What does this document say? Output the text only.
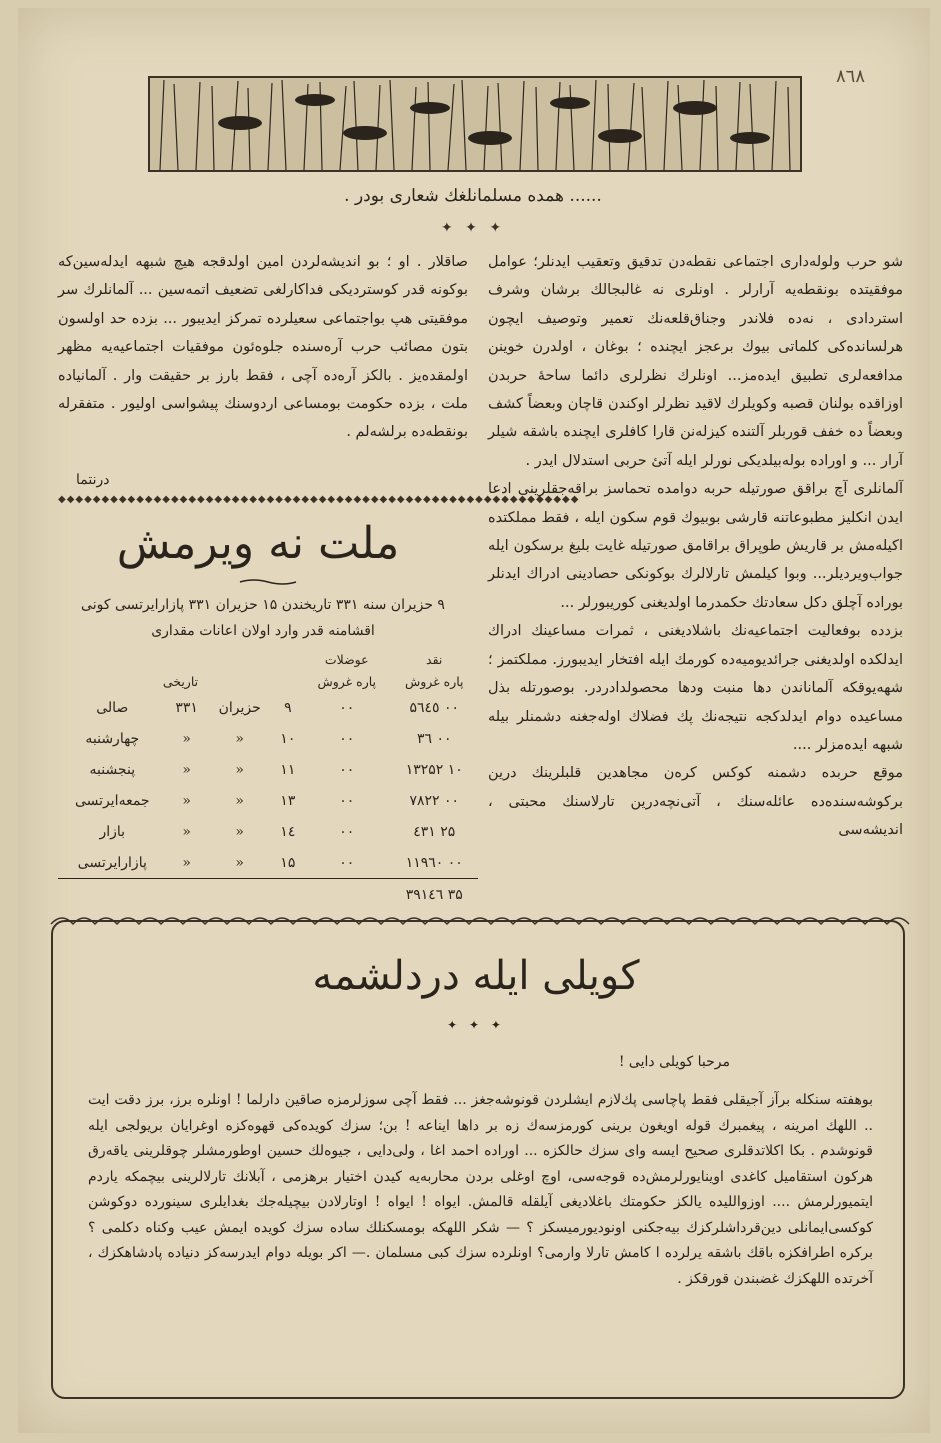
٨٦٨
...... همده مسلمانلغك شعاری بودر .
✦ ✦ ✦

شو حرب ولولەداری اجتماعی نقطەدن تدقیق وتعقیب ایدنلر؛ عوامل موفقیتده بونقطەیه آرارلر . اونلری نه غالبجالك برشان وشرف استردادی ، نەده فلاندر وجناق‌قلعەنك تعمیر وتوصیف ایچون هرلساندەکی کلماتی بیوك برعجز ایچنده ؛ بوغان ، اولدرن خوینن مدافعەلری تطبیق ایدەمز... اونلرك نظرلری دائما ساحهٔ حربدن اوزاقده بولنان قصبه وکویلرك لاقید نظرلر اوکندن قاچان وبعضاً کشف وبعضاً ده خفف قوربلر آلتنده کیزله‌نن قارا کافلری ایچنده باشقه شیلر آرار ... و اوراده بولەبیلدیکی نورلر ایله آتیٔ حربی استدلال ایدر .

آلمانلری آچ براقق صورتیله حربه دوامده تحماسز براقه‌جقلرینی ادعا ایدن انکلیز مطبوعاتنه قارشی بوبیوك قوم سکون ایله ، فقط مملکتده اکیلەمش بر قاریش طوپراق براقامق صورتیله غایت بلیغ برسکون ایله جواب‌ویردیلر... وبوا کیلمش تارلالرك بوکونکی حصادینی ادراك ایدنلر بوراده آچلق دکل سعادتك حکمدرما اولدیغنی کوریبورلر ...

بزدده بوفعالیت اجتماعیەنك باشلادیغنی ، ثمرات مساعینك ادراك ایدلکده اولدیغنی جرائدیومیەده کورمك ایله افتخار ایدیبورز. مملکتمز ؛ شهه‌یوقکه آلماناندن‌ دها منبت ودها محصولدادردر. بوصورتله بذل مساعیده دوام ایدلدکجه نتیجەنك پك فضلاك اوله‌جغنه دشمنلر بیله شبهه ایدەمزلر ....

موقع حربده دشمنه کوکس کرەن مجاهدین قلبلرینك درین برکوشەسنده‌ده عائله‌سنك ، آتی‌نچه‌درین تارلاسنك محبتی ، اندیشەسی

صاقلار . او ؛ بو اندیشەلردن امین اولدقجه هیچ شبهه ایدلەسین‌که بوکونه قدر کوستردیکی فداکارلغی تضعیف اتمه‌سین ... آلمانلرك سر موفقیتی هپ بواجتماعی سعیلرده تمرکز ایدیبور ... بزده حد اولسون بتون مصائب حرب آرەسنده جلوه‌ئون موفقیات اجتماعیه‌یه مظهر اولمقده‌یز . بالکز آرەده آچی ، فقط بارز بر حقیقت وار . آلمانیاده ملت ، بزده حکومت بومساعی اردوسنك پیشواسی اولیور . متفقرله بونقطەده برلشەلم .

درنتما
◆◆◆◆◆◆◆◆◆◆◆◆◆◆◆◆◆◆◆◆◆◆◆◆◆◆◆◆◆◆◆◆◆◆◆◆◆◆◆◆◆◆◆◆◆◆◆◆◆◆◆◆◆◆◆◆◆◆◆◆
ملت نه ویرمش
۹ حزیران سنه ۳۳۱ تاریخندن ۱۵ حزیران ۳۳۱ پازارایرتسی کونی
اقشامنه قدر وارد اولان اعانات مقداری
نقد	عوضلات				
پاره غروش	پاره غروش	تاریخی			
۰۰ ۵٦٤٥	۰۰	۹	حزیران	۳۳۱	صالی
۰۰ ۳٦	۰۰	۱۰	«	«	چهارشنبه
۱۰ ۱۳۲۵۲	۰۰	۱۱	«	«	پنجشنبه
۰۰ ۷۸۲۲	۰۰	۱۳	«	«	جمعه‌ایرتسی
۲۵ ٤۳۱	۰۰	۱٤	«	«	بازار
۰۰ ۱۱۹٦۰	۰۰	۱۵	«	«	پازارایرتسی
۳۵ ۳۹۱٤٦					
کویلی ایله دردلشمه
✦ ✦ ✦
مرحبا کویلی دایی !

بوهفته سنکله برآز آجیقلی فقط پاچاسی پك‌لازم ایشلردن قونوشه‌جغز ... فقط آچی سوزلرمزه صاقین دارلما ! اونلره برز، برز دقت ایت .. اللهك امرینه ، پیغمبرك قوله اویغون برینی کورمزسەك زه بر داها ایناعه ! بن؛ سزك کویده‌کی قهوه‌کزه اوغرایان بریولجی ایله قونوشدم . بکا اکلاتدقلری صحیح ایسه وای سزك حالکزه ... اوراده احمد اغا ، ولی‌دایی ، جیوه‌لك حسین اوطورمشلر چوقلرینی یاقەرق هرکون استقامیل کاغدی اوینایورلرمش‌ده قوجەسی، اوچ اوغلی بردن محاربه‌یه کیدن اختیار برهزمی ، آبلانك تارلالرینی بیچمکه یاردم ایتمیورلرمش .... اوزواللیده یالکز حکومتك باغلادیغی آیلقله قالمش. ایواه ! ایواه ! اوتارلادن بیچیله‌جك بغدایلری سینورده دوکوشن کوکسی‌ایمانلی دین‌قرداشلرکزك بیه‌جکنی اونودیورمیسکز ؟ — شکر اللهکه بومسکنلك ساده سزك کویده ایمش عیب وکناه دکلمی ؟ برکره اطرافکزه باقك باشقه یرلرده ا کامش تارلا وارمی؟ اونلرده سزك کبی مسلمان .— اکر بویله دوام ایدرسه‌کز دنیاده پادشاهکزك ، آخرتده اللهکزك غضبندن قورقکز .
